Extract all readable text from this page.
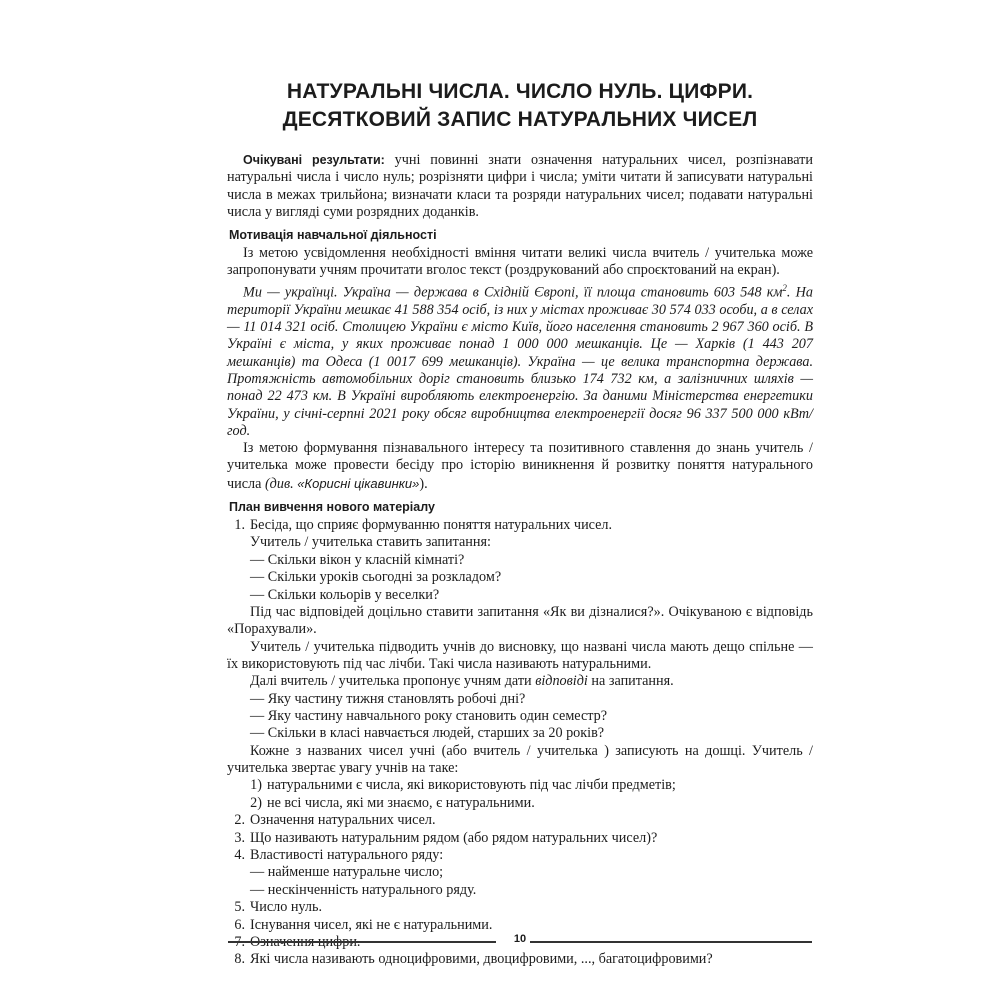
НАТУРАЛЬНІ ЧИСЛА. ЧИСЛО НУЛЬ. ЦИФРИ.
ДЕСЯТКОВИЙ ЗАПИС НАТУРАЛЬНИХ ЧИСЕЛ

Очікувані результати: учні повинні знати означення натуральних чисел, розпізнавати натуральні числа і число нуль; розрізняти цифри і числа; уміти читати й записувати натуральні числа в межах трильйона; визначати класи та розряди натуральних чисел; подавати натуральні числа у вигляді суми розрядних доданків.

Мотивація навчальної діяльності

Із метою усвідомлення необхідності вміння читати великі числа вчитель / учителька може запропонувати учням прочитати вголос текст (роздрукований або спроєктований на екран).

Ми — українці. Україна — держава в Східній Європі, її площа становить 603 548 $км^2$. На території України мешкає 41 588 354 осіб, із них у містах проживає 30 574 033 особи, а в селах — 11 014 321 осіб. Столицею України є місто Київ, його населення становить 2 967 360 осіб. В Україні є міста, у яких проживає понад 1 000 000 мешканців. Це — Харків (1 443 207 мешканців) та Одеса (1 0017 699 мешканців). Україна — це велика транспортна держава. Протяжність автомобільних доріг становить близько 174 732 км, а залізничних шляхів — понад 22 473 км. В Україні виробляють електроенергію. За даними Міністерства енергетики України, у січні-серпні 2021 року обсяг виробництва електроенергії досяг 96 337 500 000 кВт/год.

Із метою формування пізнавального інтересу та позитивного ставлення до знань учитель / учителька може провести бесіду про історію виникнення й розвитку поняття натурального числа (див. «Корисні цікавинки»).

План вивчення нового матеріалу
1. Бесіда, що сприяє формуванню поняття натуральних чисел.
Учитель / учителька ставить запитання:
— Скільки вікон у класній кімнаті?
— Скільки уроків сьогодні за розкладом?
— Скільки кольорів у веселки?

Під час відповідей доцільно ставити запитання «Як ви дізналися?». Очікуваною є відповідь «Порахували».

Учитель / учителька підводить учнів до висновку, що названі числа мають дещо спільне — їх використовують під час лічби. Такі числа називають натуральними.

Далі вчитель / учителька пропонує учням дати відповіді на запитання.

— Яку частину тижня становлять робочі дні?
— Яку частину навчального року становить один семестр?
— Скільки в класі навчається людей, старших за 20 років?

Кожне з названих чисел учні (або вчитель / учителька ) записують на дошці. Учитель / учителька звертає увагу учнів на таке:

1) натуральними є числа, які використовують під час лічби предметів;
2) не всі числа, які ми знаємо, є натуральними.
2. Означення натуральних чисел.
3. Що називають натуральним рядом (або рядом натуральних чисел)?
4. Властивості натурального ряду:
— найменше натуральне число;
— нескінченність натурального ряду.
5. Число нуль.
6. Існування чисел, які не є натуральними.
7. Означення цифри.
8. Які числа називають одноцифровими, двоцифровими, ..., багатоцифровими?
10
